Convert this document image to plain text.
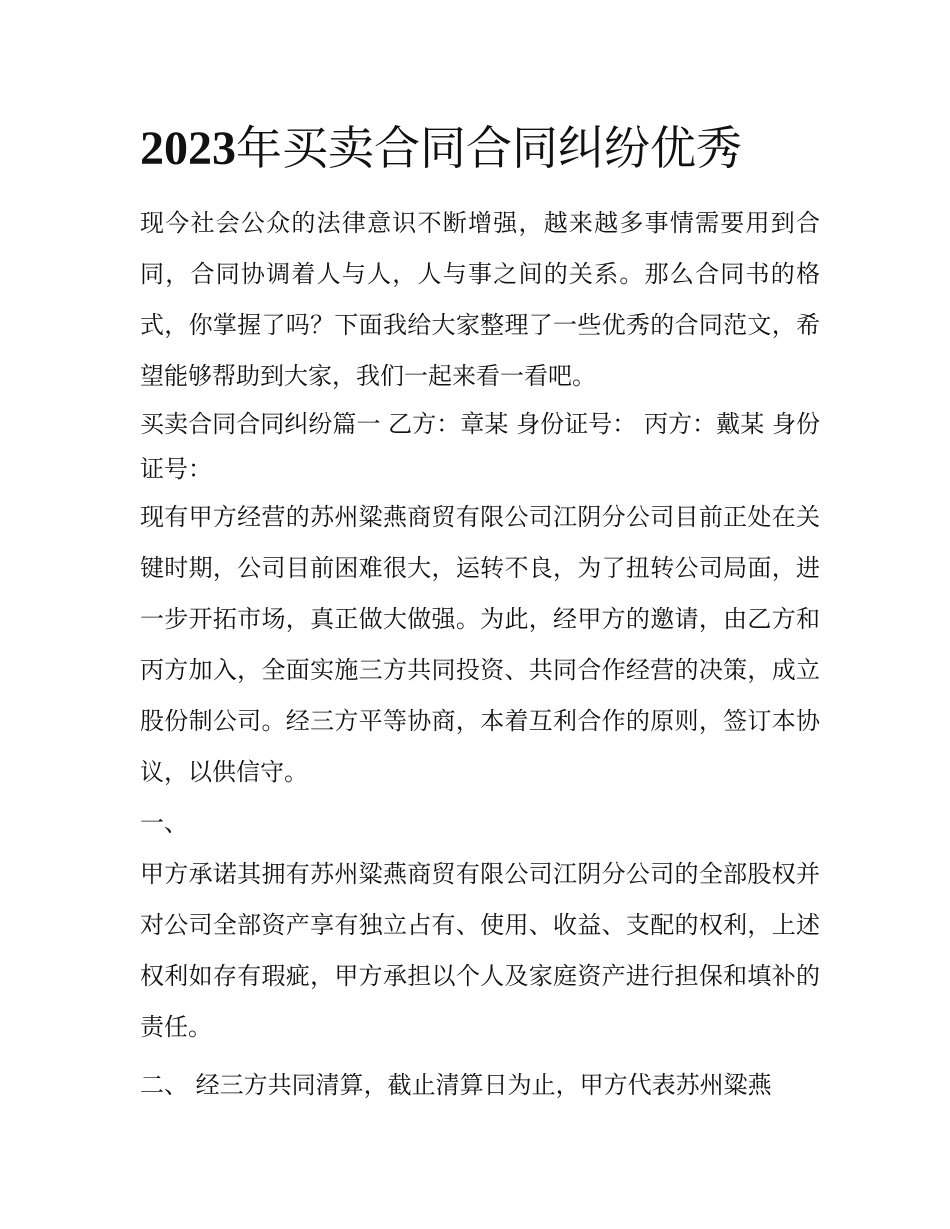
2023年买卖合同合同纠纷优秀

现今社会公众的法律意识不断增强，越来越多事情需要用到合同，合同协调着人与人，人与事之间的关系。那么合同书的格式，你掌握了吗？下面我给大家整理了一些优秀的合同范文，希望能够帮助到大家，我们一起来看一看吧。

买卖合同合同纠纷篇一 乙方：章某 身份证号： 丙方：戴某 身份证号：

现有甲方经营的苏州粱燕商贸有限公司江阴分公司目前正处在关键时期，公司目前困难很大，运转不良，为了扭转公司局面，进一步开拓市场，真正做大做强。为此，经甲方的邀请，由乙方和丙方加入，全面实施三方共同投资、共同合作经营的决策，成立股份制公司。经三方平等协商，本着互利合作的原则，签订本协议，以供信守。

一、

甲方承诺其拥有苏州粱燕商贸有限公司江阴分公司的全部股权并对公司全部资产享有独立占有、使用、收益、支配的权利，上述权利如存有瑕疵，甲方承担以个人及家庭资产进行担保和填补的责任。

二、 经三方共同清算，截止清算日为止，甲方代表苏州粱燕
